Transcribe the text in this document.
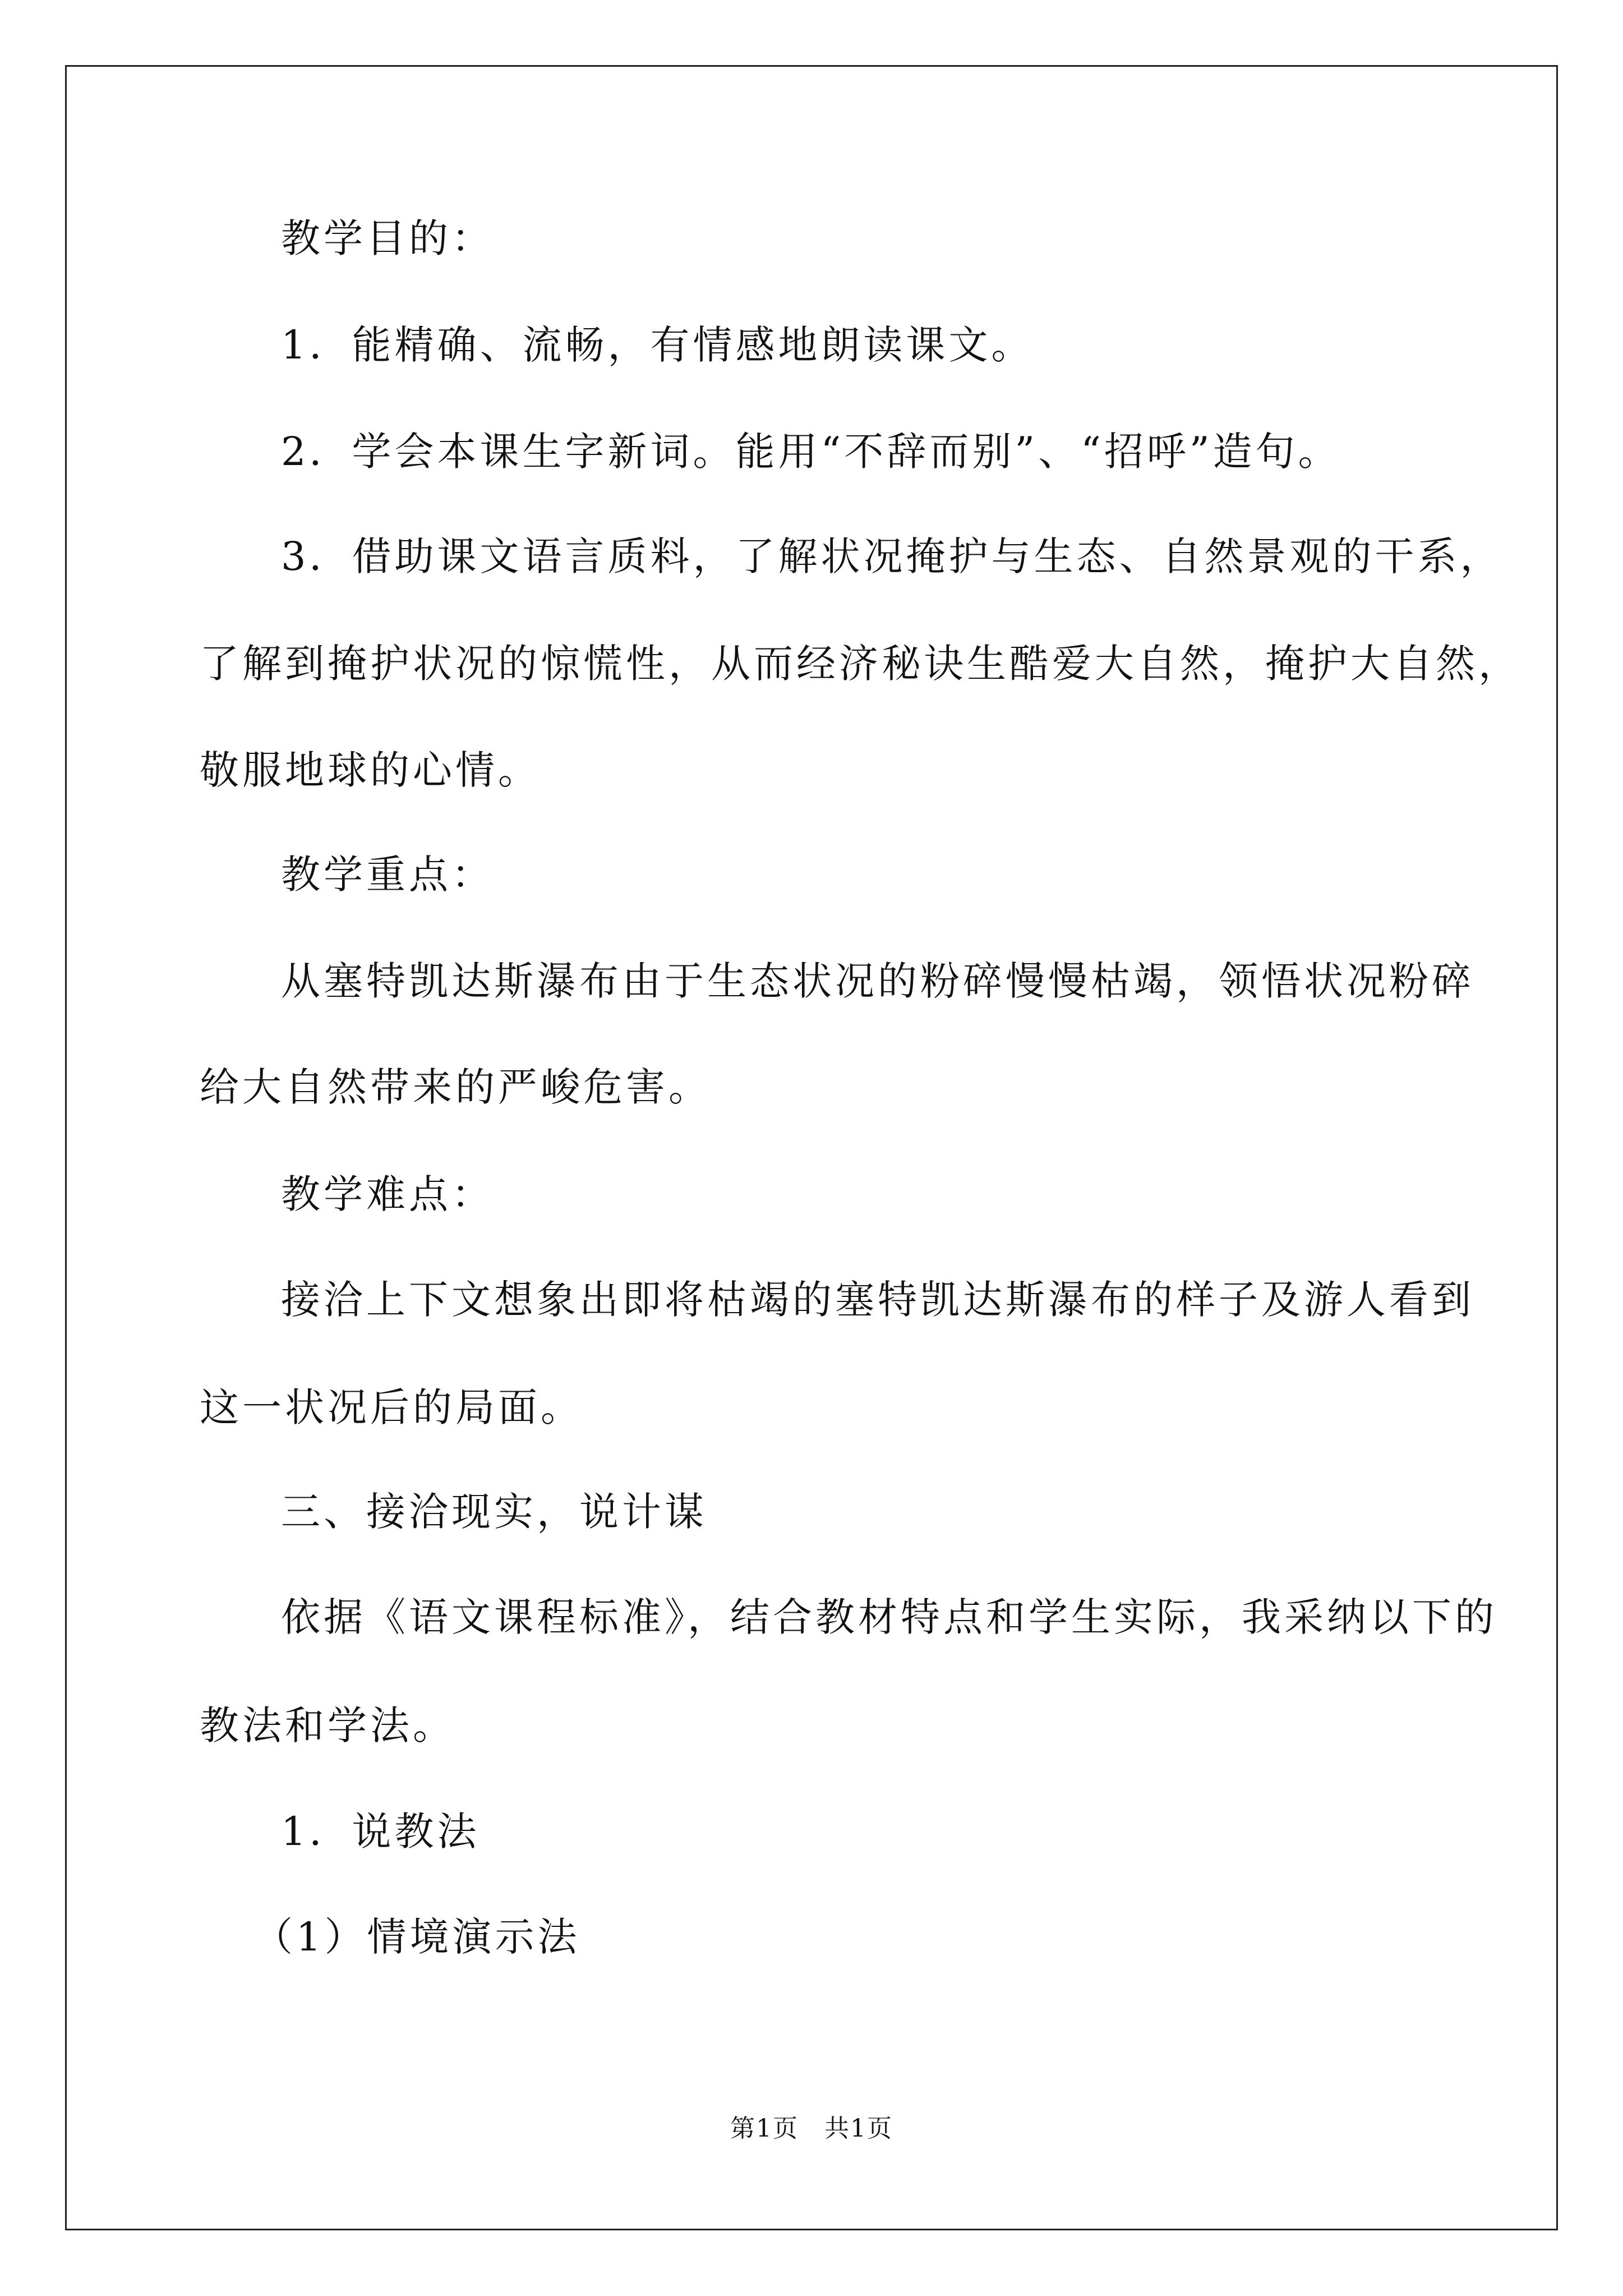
教学目的：
1．能精确、流畅，有情感地朗读课文。
2．学会本课生字新词。能用“不辞而别”、“招呼”造句。
3．借助课文语言质料，了解状况掩护与生态、自然景观的干系，
了解到掩护状况的惊慌性，从而经济秘诀生酷爱大自然，掩护大自然，
敬服地球的心情。
教学重点：
从塞特凯达斯瀑布由于生态状况的粉碎慢慢枯竭，领悟状况粉碎
给大自然带来的严峻危害。
教学难点：
接洽上下文想象出即将枯竭的塞特凯达斯瀑布的样子及游人看到
这一状况后的局面。
三、接洽现实，说计谋
依据《语文课程标准》，结合教材特点和学生实际，我采纳以下的
教法和学法。
1．说教法
（1）情境演示法
第1页　共1页
